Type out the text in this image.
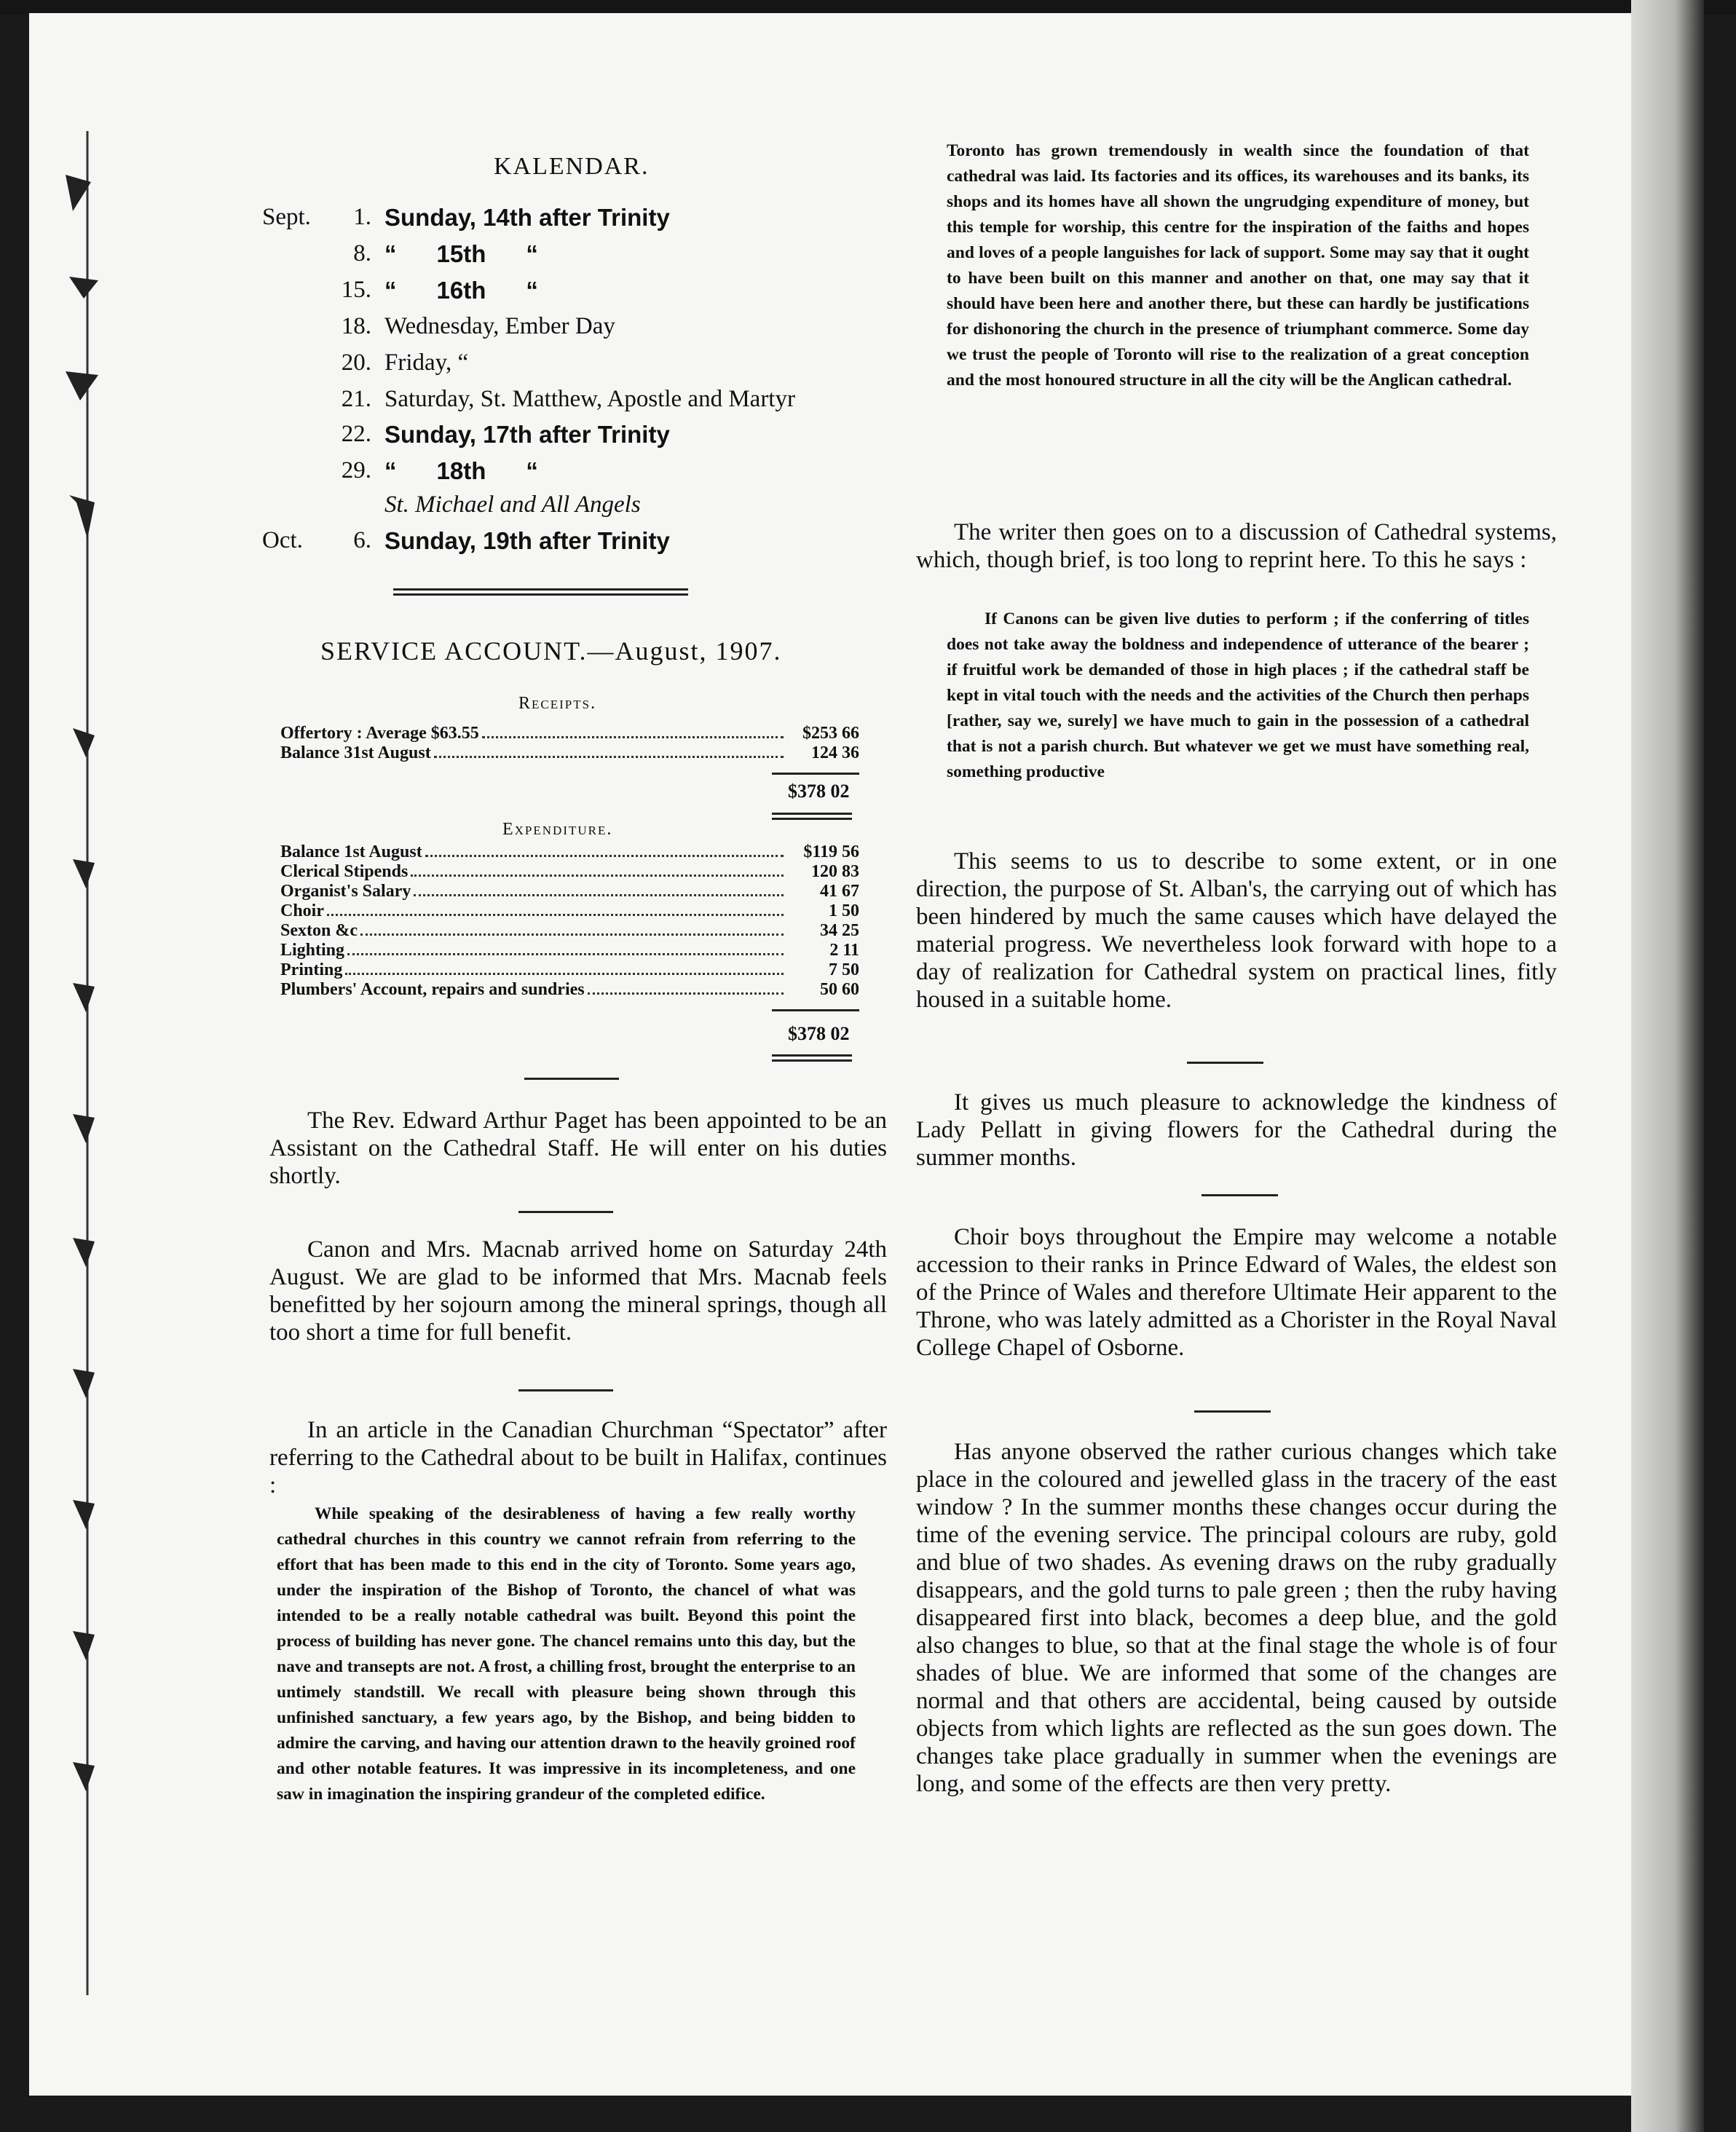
KALENDAR.
Sept.	1. Sunday, 14th after Trinity
8. “      15th      “
15. “      16th      “
18. Wednesday, Ember Day
20. Friday, “
21. Saturday, St. Matthew, Apostle and Martyr
22. Sunday, 17th after Trinity
29. “      18th      “
St. Michael and All Angels
Oct.	6. Sunday, 19th after Trinity
SERVICE ACCOUNT.—August, 1907.
Receipts.
Offertory : Average $63.55	$253 66
Balance 31st August	124 36
$378 02
Expenditure.
Balance 1st August	$119 56
Clerical Stipends	120 83
Organist's Salary	41 67
Choir	1 50
Sexton &c	34 25
Lighting	2 11
Printing	7 50
Plumbers' Account, repairs and sundries	50 60
$378 02
The Rev. Edward Arthur Paget has been appointed to be an Assistant on the Cathedral Staff. He will enter on his duties shortly.
Canon and Mrs. Macnab arrived home on Saturday 24th August. We are glad to be informed that Mrs. Macnab feels benefitted by her sojourn among the mineral springs, though all too short a time for full benefit.
In an article in the Canadian Churchman “Spectator” after referring to the Cathedral about to be built in Halifax, continues :
While speaking of the desirableness of having a few really worthy cathedral churches in this country we cannot refrain from referring to the effort that has been made to this end in the city of Toronto. Some years ago, under the inspiration of the Bishop of Toronto, the chancel of what was intended to be a really notable cathedral was built. Beyond this point the process of building has never gone. The chancel remains unto this day, but the nave and transepts are not. A frost, a chilling frost, brought the enterprise to an untimely standstill. We recall with pleasure being shown through this unfinished sanctuary, a few years ago, by the Bishop, and being bidden to admire the carving, and having our attention drawn to the heavily groined roof and other notable features. It was impressive in its incompleteness, and one saw in imagination the inspiring grandeur of the completed edifice.
Toronto has grown tremendously in wealth since the foundation of that cathedral was laid. Its factories and its offices, its warehouses and its banks, its shops and its homes have all shown the ungrudging expenditure of money, but this temple for worship, this centre for the inspiration of the faiths and hopes and loves of a people languishes for lack of support. Some may say that it ought to have been built on this manner and another on that, one may say that it should have been here and another there, but these can hardly be justifications for dishonoring the church in the presence of triumphant commerce. Some day we trust the people of Toronto will rise to the realization of a great conception and the most honoured structure in all the city will be the Anglican cathedral.
The writer then goes on to a discussion of Cathedral systems, which, though brief, is too long to reprint here. To this he says :
If Canons can be given live duties to perform ; if the conferring of titles does not take away the boldness and independence of utterance of the bearer ; if fruitful work be demanded of those in high places ; if the cathedral staff be kept in vital touch with the needs and the activities of the Church then perhaps [rather, say we, surely] we have much to gain in the possession of a cathedral that is not a parish church. But whatever we get we must have something real, something productive
This seems to us to describe to some extent, or in one direction, the purpose of St. Alban's, the carrying out of which has been hindered by much the same causes which have delayed the material progress. We nevertheless look forward with hope to a day of realization for Cathedral system on practical lines, fitly housed in a suitable home.
It gives us much pleasure to acknowledge the kindness of Lady Pellatt in giving flowers for the Cathedral during the summer months.
Choir boys throughout the Empire may welcome a notable accession to their ranks in Prince Edward of Wales, the eldest son of the Prince of Wales and therefore Ultimate Heir apparent to the Throne, who was lately admitted as a Chorister in the Royal Naval College Chapel of Osborne.
Has anyone observed the rather curious changes which take place in the coloured and jewelled glass in the tracery of the east window ? In the summer months these changes occur during the time of the evening service. The principal colours are ruby, gold and blue of two shades. As evening draws on the ruby gradually disappears, and the gold turns to pale green ; then the ruby having disappeared first into black, becomes a deep blue, and the gold also changes to blue, so that at the final stage the whole is of four shades of blue. We are informed that some of the changes are normal and that others are accidental, being caused by outside objects from which lights are reflected as the sun goes down. The changes take place gradually in summer when the evenings are long, and some of the effects are then very pretty.
